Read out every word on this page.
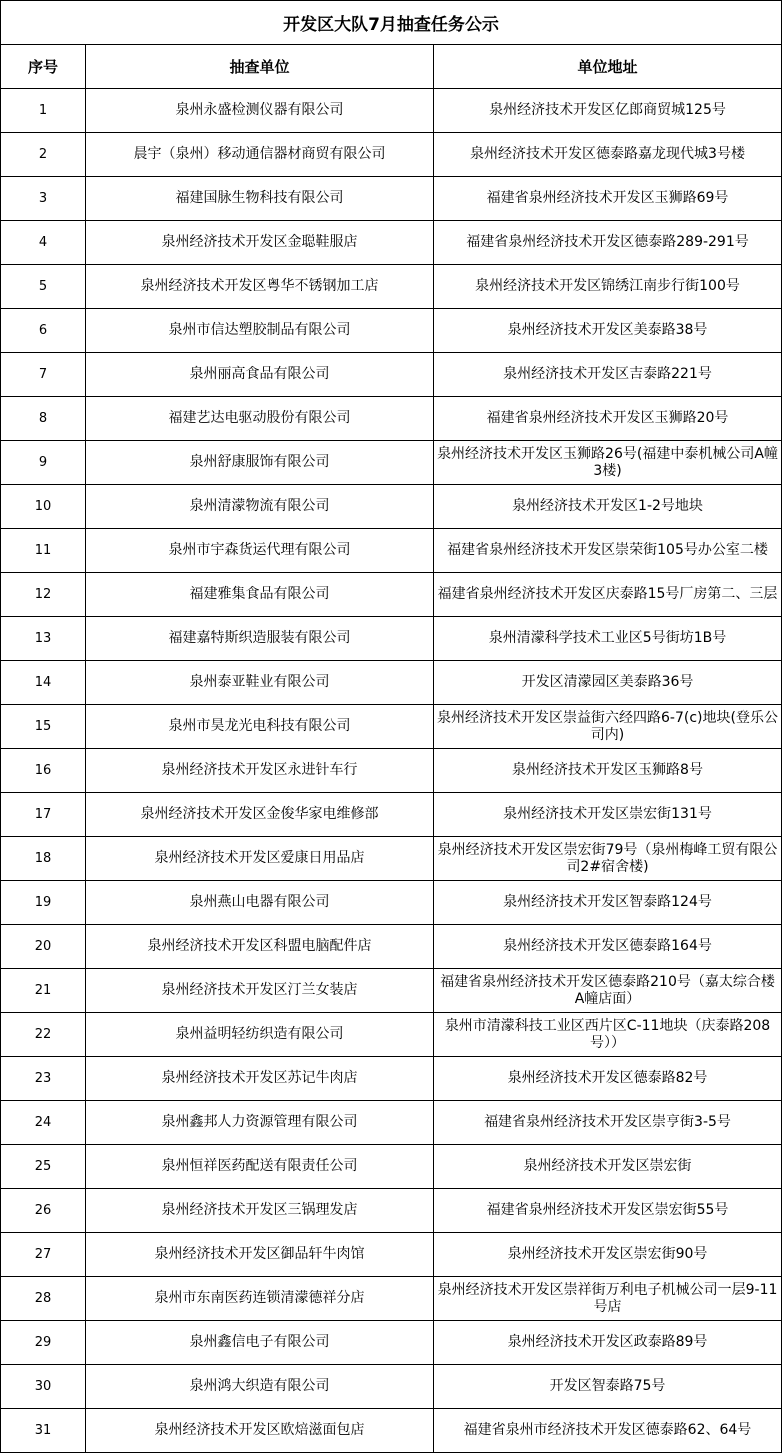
开发区大队7月抽查任务公示		
序号	抽查单位	单位地址
1	泉州永盛检测仪器有限公司	泉州经济技术开发区亿郎商贸城125号
2	晨宇（泉州）移动通信器材商贸有限公司	泉州经济技术开发区德泰路嘉龙现代城3号楼
3	福建国脉生物科技有限公司	福建省泉州经济技术开发区玉狮路69号
4	泉州经济技术开发区金聪鞋服店	福建省泉州经济技术开发区德泰路289-291号
5	泉州经济技术开发区粤华不锈钢加工店	泉州经济技术开发区锦绣江南步行街100号
6	泉州市信达塑胶制品有限公司	泉州经济技术开发区美泰路38号
7	泉州丽高食品有限公司	泉州经济技术开发区吉泰路221号
8	福建艺达电驱动股份有限公司	福建省泉州经济技术开发区玉狮路20号
9	泉州舒康服饰有限公司	泉州经济技术开发区玉狮路26号(福建中泰机械公司A幢3楼)
10	泉州清濛物流有限公司	泉州经济技术开发区1-2号地块
11	泉州市宇森货运代理有限公司	福建省泉州经济技术开发区崇荣街105号办公室二楼
12	福建雅集食品有限公司	福建省泉州经济技术开发区庆泰路15号厂房第二、三层
13	福建嘉特斯织造服装有限公司	泉州清濛科学技术工业区5号街坊1B号
14	泉州泰亚鞋业有限公司	开发区清濛园区美泰路36号
15	泉州市昊龙光电科技有限公司	泉州经济技术开发区崇益街六经四路6-7(c)地块(登乐公司内)
16	泉州经济技术开发区永进针车行	泉州经济技术开发区玉狮路8号
17	泉州经济技术开发区金俊华家电维修部	泉州经济技术开发区崇宏街131号
18	泉州经济技术开发区爱康日用品店	泉州经济技术开发区崇宏街79号（泉州梅峰工贸有限公司2#宿舍楼)
19	泉州燕山电器有限公司	泉州经济技术开发区智泰路124号
20	泉州经济技术开发区科盟电脑配件店	泉州经济技术开发区德泰路164号
21	泉州经济技术开发区汀兰女装店	福建省泉州经济技术开发区德泰路210号（嘉太综合楼A幢店面）
22	泉州益明轻纺织造有限公司	泉州市清濛科技工业区西片区C-11地块（庆泰路208号））
23	泉州经济技术开发区苏记牛肉店	泉州经济技术开发区德泰路82号
24	泉州鑫邦人力资源管理有限公司	福建省泉州经济技术开发区崇亨街3-5号
25	泉州恒祥医药配送有限责任公司	泉州经济技术开发区崇宏街
26	泉州经济技术开发区三锅理发店	福建省泉州经济技术开发区崇宏街55号
27	泉州经济技术开发区御品轩牛肉馆	泉州经济技术开发区崇宏街90号
28	泉州市东南医药连锁清濛德祥分店	泉州经济技术开发区崇祥街万利电子机械公司一层9-11号店
29	泉州鑫信电子有限公司	泉州经济技术开发区政泰路89号
30	泉州鸿大织造有限公司	开发区智泰路75号
31	泉州经济技术开发区欧焙滋面包店	福建省泉州市经济技术开发区德泰路62、64号
